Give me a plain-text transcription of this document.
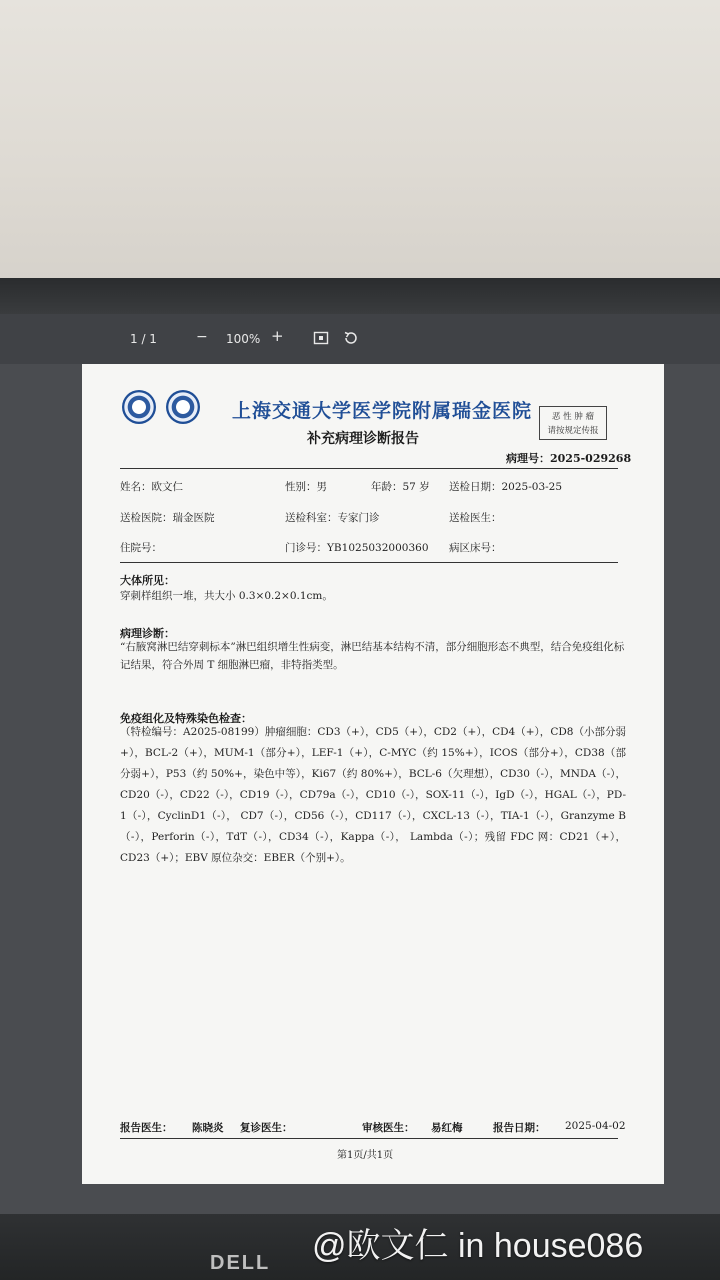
1 / 1	− 100% +
上海交通大学医学院附属瑞金医院
补充病理诊断报告
恶 性 肿 瘤
请按规定传报
病理号：2025-029268
姓名：欧文仁	性别：男	年龄：57 岁 送检日期：2025-03-25
送检医院：瑞金医院	送检科室：专家门诊	送检医生：
住院号：	门诊号：YB1025032000360 病区床号：
大体所见：
穿刺样组织一堆，共大小 0.3×0.2×0.1cm。
病理诊断：
“右腋窝淋巴结穿刺标本”淋巴组织增生性病变，淋巴结基本结构不清，部分细胞形态不典型，结合免疫组化标记结果，符合外周 T 细胞淋巴瘤，非特指类型。
免疫组化及特殊染色检查：
（特检编号：A2025-08199）肿瘤细胞：CD3（+），CD5（+），CD2（+），CD4（+），CD8（小部分弱+），BCL-2（+），MUM-1（部分+），LEF-1（+），C-MYC（约 15%+），ICOS（部分+），CD38（部分弱+），P53（约 50%+，染色中等），Ki67（约 80%+），BCL-6（欠理想），CD30（-），MNDA（-），CD20（-），CD22（-），CD19（-），CD79a（-），CD10（-），SOX-11（-），IgD（-），HGAL（-），PD-1（-），CyclinD1（-）， CD7（-），CD56（-），CD117（-），CXCL-13（-），TIA-1（-），Granzyme B（-），Perforin（-），TdT（-），CD34（-），Kappa（-）， Lambda（-）；残留 FDC 网：CD21（+），CD23（+）；EBV 原位杂交：EBER（个别+）。
报告医生： 陈晓炎 复诊医生：	审核医生： 易红梅	报告日期： 2025-04-02
第1页/共1页
DELL @欧文仁 in house086
